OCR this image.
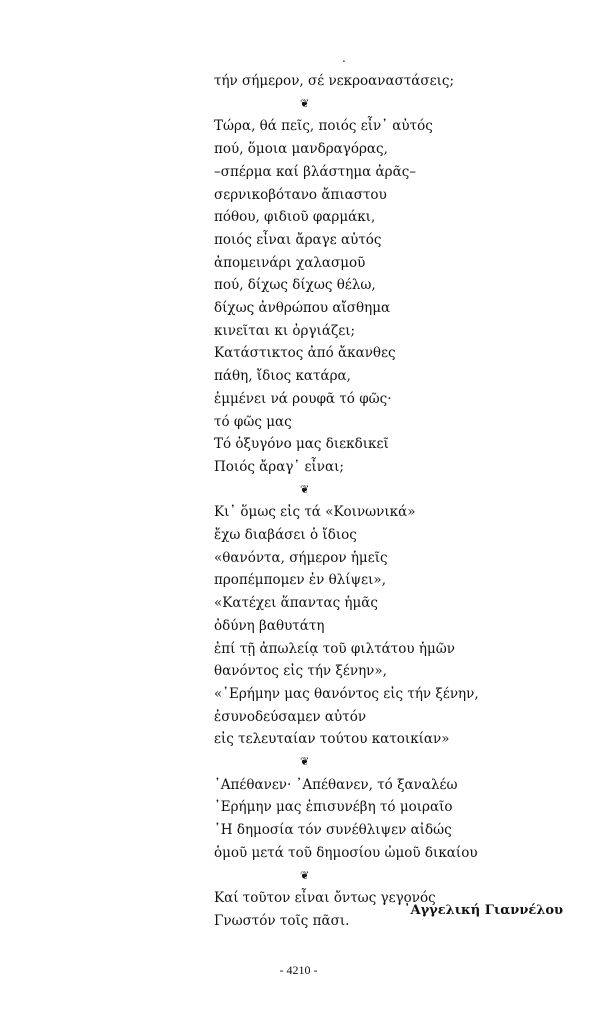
.
τήν σήμερον, σέ νεκροαναστάσεις;
❦
Τώρα, θά πεῖς, ποιός εἶν᾽ αὐτός
πού, ὅμοια μανδραγόρας,
–σπέρμα καί βλάστημα ἀρᾶς–
σερνικοβότανο ἄπιαστου
πόθου, φιδιοῦ φαρμάκι,
ποιός εἶναι ἄραγε αὐτός
ἀπομεινάρι χαλασμοῦ
πού, δίχως δίχως θέλω,
δίχως ἀνθρώπου αἴσθημα
κινεῖται κι ὀργιάζει;
Κατάστικτος ἀπό ἄκανθες
πάθη, ἴδιος κατάρα,
ἐμμένει νά ρουφᾶ τό φῶς·
τό φῶς μας
Τό ὀξυγόνο μας διεκδικεῖ
Ποιός ἄραγ᾽ εἶναι;
❦
Κι᾽ ὅμως εἰς τά «Κοινωνικά»
ἔχω διαβάσει ὁ ἴδιος
«θανόντα, σήμερον ἡμεῖς
προπέμπομεν ἐν θλίψει»,
«Κατέχει ἅπαντας ἡμᾶς
ὀδύνη βαθυτάτη
ἐπί τῇ ἀπωλείᾳ τοῦ φιλτάτου ἡμῶν
θανόντος εἰς τήν ξένην»,
«᾿Ερήμην μας θανόντος εἰς τήν ξένην,
ἐσυνοδεύσαμεν αὐτόν
εἰς τελευταίαν τούτου κατοικίαν»
❦
᾿Απέθανεν· ᾿Απέθανεν, τό ξαναλέω
᾿Ερήμην μας ἐπισυνέβη τό μοιραῖο
῾Η δημοσία τόν συνέθλιψεν αἰδώς
ὁμοῦ μετά τοῦ δημοσίου ὠμοῦ δικαίου
❦
Καί τοῦτον εἶναι ὄντως γεγονός
Γνωστόν τοῖς πᾶσι.
᾿Αγγελική Γιαννέλου
- 4210 -
